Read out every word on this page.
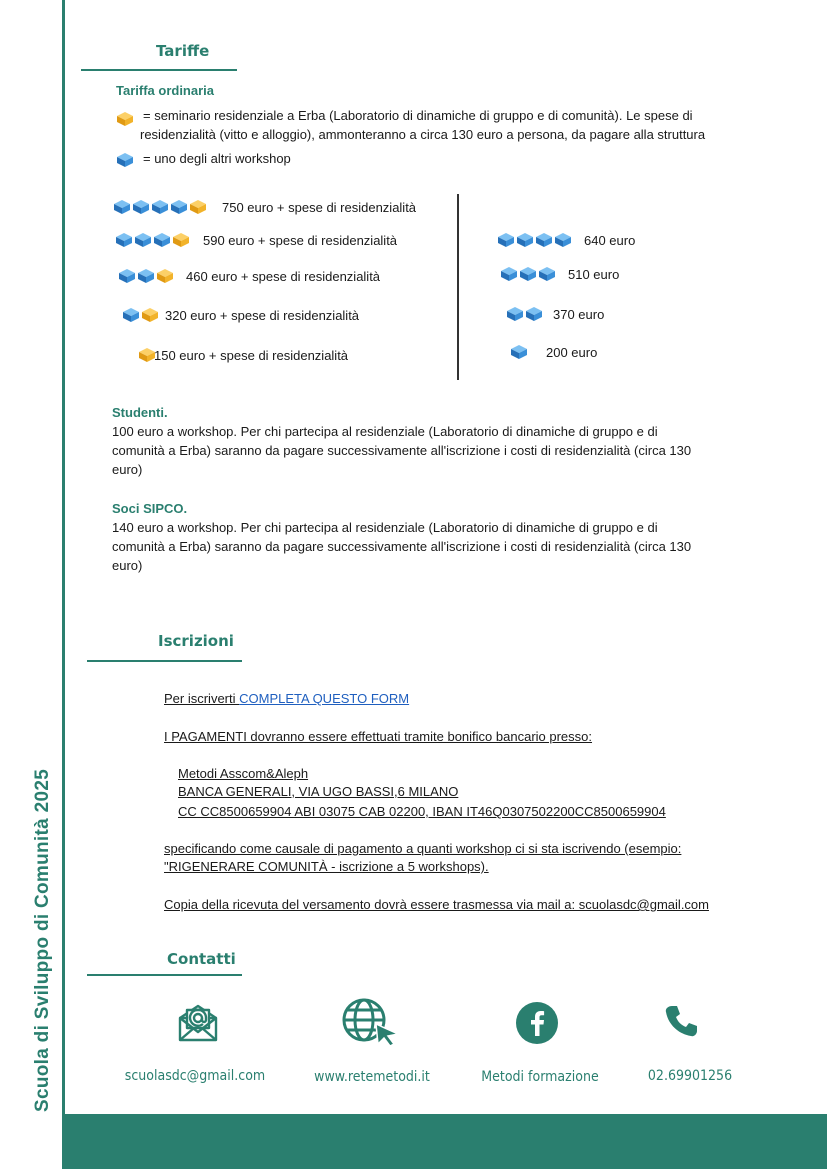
Scuola di Sviluppo di Comunità 2025
Tariffe
Tariffa ordinaria
= seminario residenziale a Erba (Laboratorio di dinamiche di gruppo e di comunità). Le spese di
residenzialità (vitto e alloggio), ammonteranno a circa 130 euro a persona, da pagare alla struttura
= uno degli altri workshop
750 euro + spese di residenzialità
590 euro + spese di residenzialità
460 euro + spese di residenzialità
320 euro + spese di residenzialità
150 euro + spese di residenzialità
640 euro
510 euro
370 euro
200 euro
Studenti.
100 euro a workshop. Per chi partecipa al residenziale (Laboratorio di dinamiche di gruppo e di
comunità a Erba) saranno da pagare successivamente all'iscrizione i costi di residenzialità (circa 130
euro)
Soci SIPCO.
140 euro a workshop. Per chi partecipa al residenziale (Laboratorio di dinamiche di gruppo e di
comunità a Erba) saranno da pagare successivamente all'iscrizione i costi di residenzialità (circa 130
euro)
Iscrizioni
Per iscriverti COMPLETA QUESTO FORM
I PAGAMENTI dovranno essere effettuati tramite bonifico bancario presso:
Metodi Asscom&Aleph
BANCA GENERALI, VIA UGO BASSI,6 MILANO
CC CC8500659904 ABI 03075 CAB 02200, IBAN IT46Q0307502200CC8500659904
specificando come causale di pagamento a quanti workshop ci si sta iscrivendo (esempio:
"RIGENERARE COMUNITÀ - iscrizione a 5 workshops).
Copia della ricevuta del versamento dovrà essere trasmessa via mail a: scuolasdc@gmail.com
Contatti
scuolasdc@gmail.com	www.retemetodi.it	Metodi formazione	02.69901256
